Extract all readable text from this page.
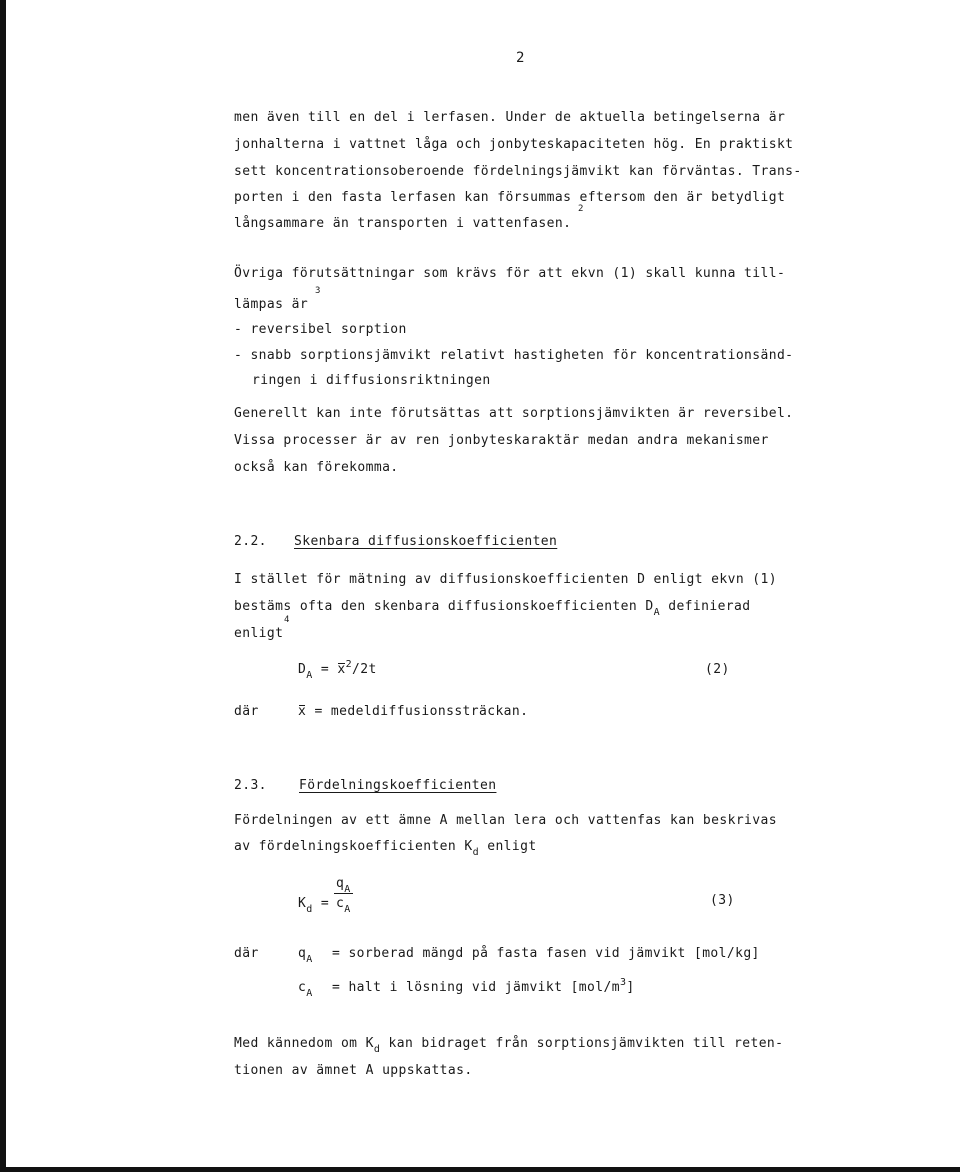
2
men även till en del i lerfasen. Under de aktuella betingelserna är
jonhalterna i vattnet låga och jonbyteskapaciteten hög. En praktiskt
sett koncentrationsoberoende fördelningsjämvikt kan förväntas. Trans-
porten i den fasta lerfasen kan försummas eftersom den är betydligt
långsammare än transporten i vattenfasen.
2
Övriga förutsättningar som krävs för att ekvn (1) skall kunna till-
lämpas är
3
- reversibel sorption
- snabb sorptionsjämvikt relativt hastigheten för koncentrationsänd-
ringen i diffusionsriktningen
Generellt kan inte förutsättas att sorptionsjämvikten är reversibel.
Vissa processer är av ren jonbyteskaraktär medan andra mekanismer
också kan förekomma.
2.2. Skenbara diffusionskoefficienten
I stället för mätning av diffusionskoefficienten D enligt ekvn (1)
bestäms ofta den skenbara diffusionskoefficienten $D_A$ definierad
4
enligt
$D_A = x^2/2t$	(2)
där	x = medeldiffusionssträckan.
2.3. Fördelningskoefficienten
Fördelningen av ett ämne A mellan lera och vattenfas kan beskrivas
av fördelningskoefficienten $K_d$ enligt
$K_d = \frac{q_A}{c_A}$	(3)
där	$q_A$ = sorberad mängd på fasta fasen vid jämvikt [mol/kg]
$c_A$ = halt i lösning vid jämvikt $[mol/m^3]$
Med kännedom om $K_d$ kan bidraget från sorptionsjämvikten till reten-
tionen av ämnet A uppskattas.
